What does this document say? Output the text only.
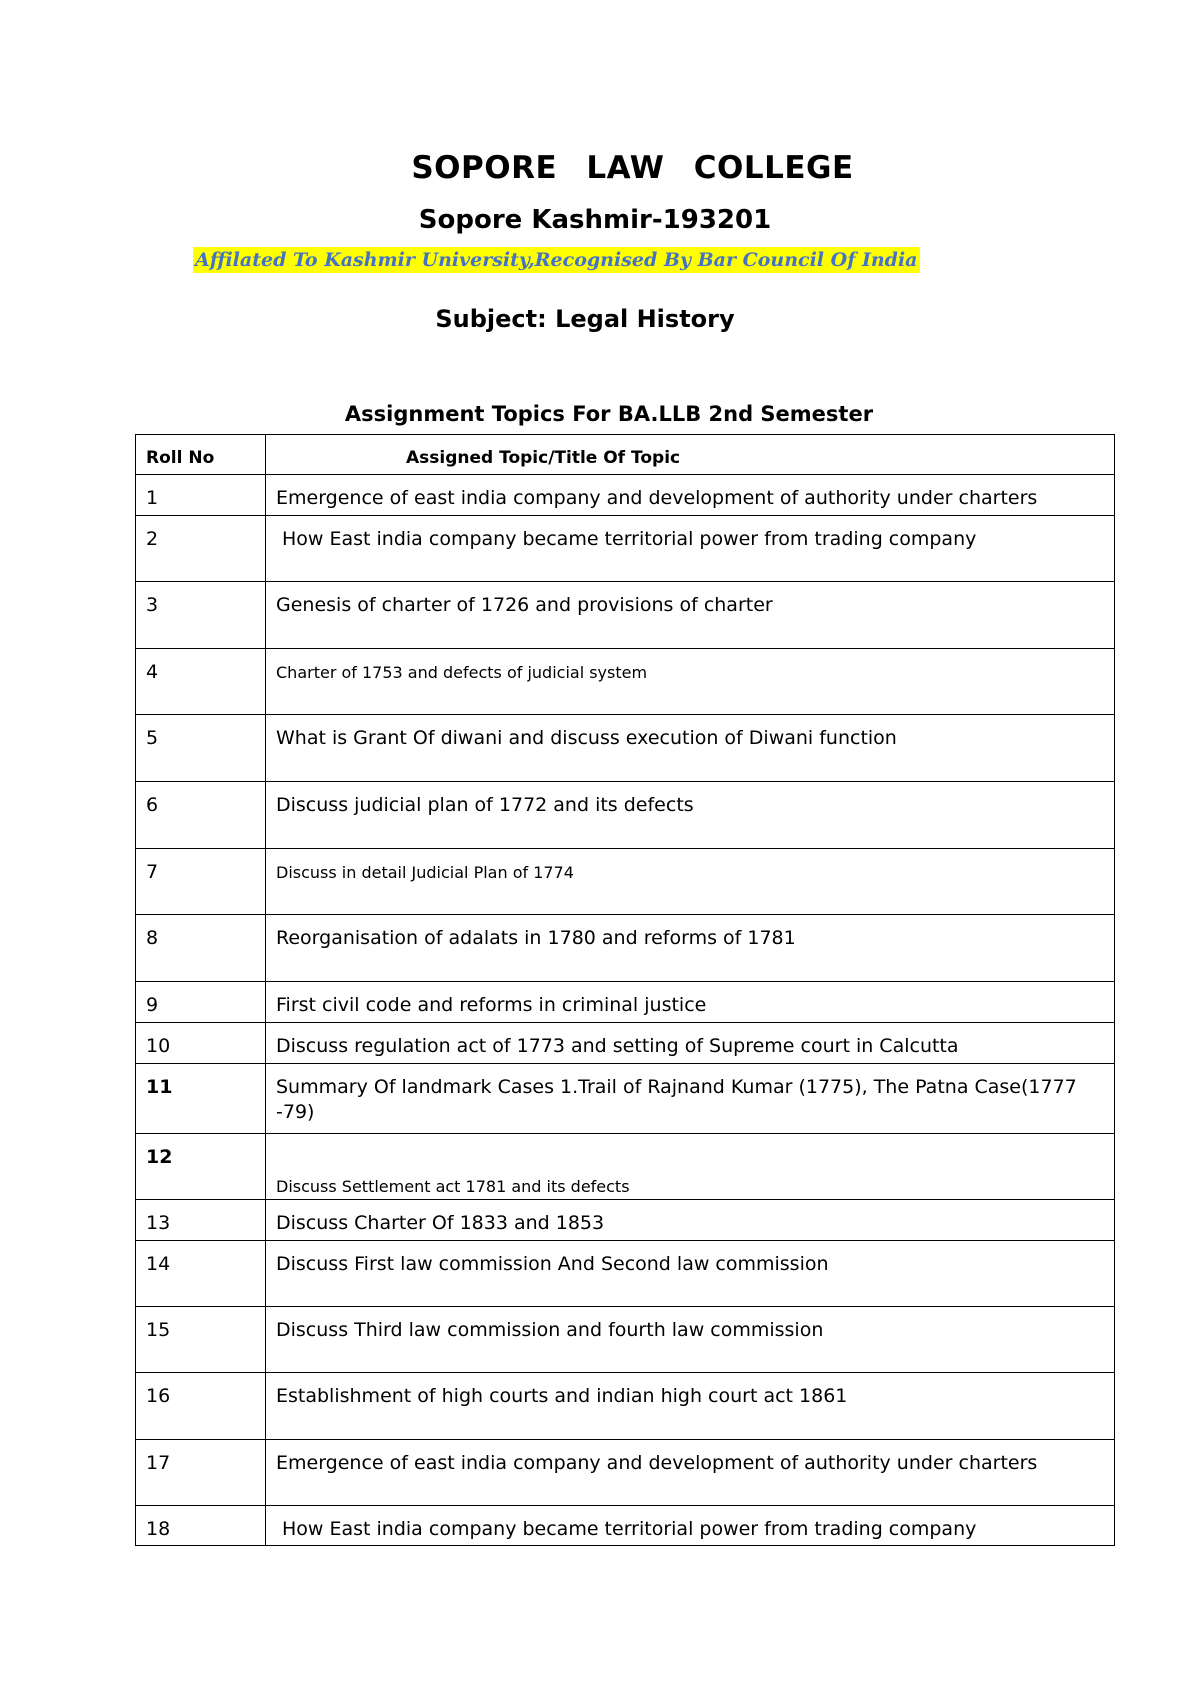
SOPORE LAW COLLEGE
Sopore Kashmir-193201

Affilated To Kashmir University,Recognised By Bar Council Of India

Subject: Legal History
Assignment Topics For BA.LLB 2nd Semester
Roll No	Assigned Topic/Title Of Topic
1	Emergence of east india company and development of authority under charters
2	How East india company became territorial power from trading company
3	Genesis of charter of 1726 and provisions of charter
4	Charter of 1753 and defects of judicial system
5	What is Grant Of diwani and discuss execution of Diwani function
6	Discuss judicial plan of 1772 and its defects
7	Discuss in detail Judicial Plan of 1774
8	Reorganisation of adalats in 1780 and reforms of 1781
9	First civil code and reforms in criminal justice
10	Discuss regulation act of 1773 and setting of Supreme court in Calcutta
11	Summary Of landmark Cases 1.Trail of Rajnand Kumar (1775), The Patna Case(1777 -79)
12	Discuss Settlement act 1781 and its defects
13	Discuss Charter Of 1833 and 1853
14	Discuss First law commission And Second law commission
15	Discuss Third law commission and fourth law commission
16	Establishment of high courts and indian high court act 1861
17	Emergence of east india company and development of authority under charters
18	How East india company became territorial power from trading company
